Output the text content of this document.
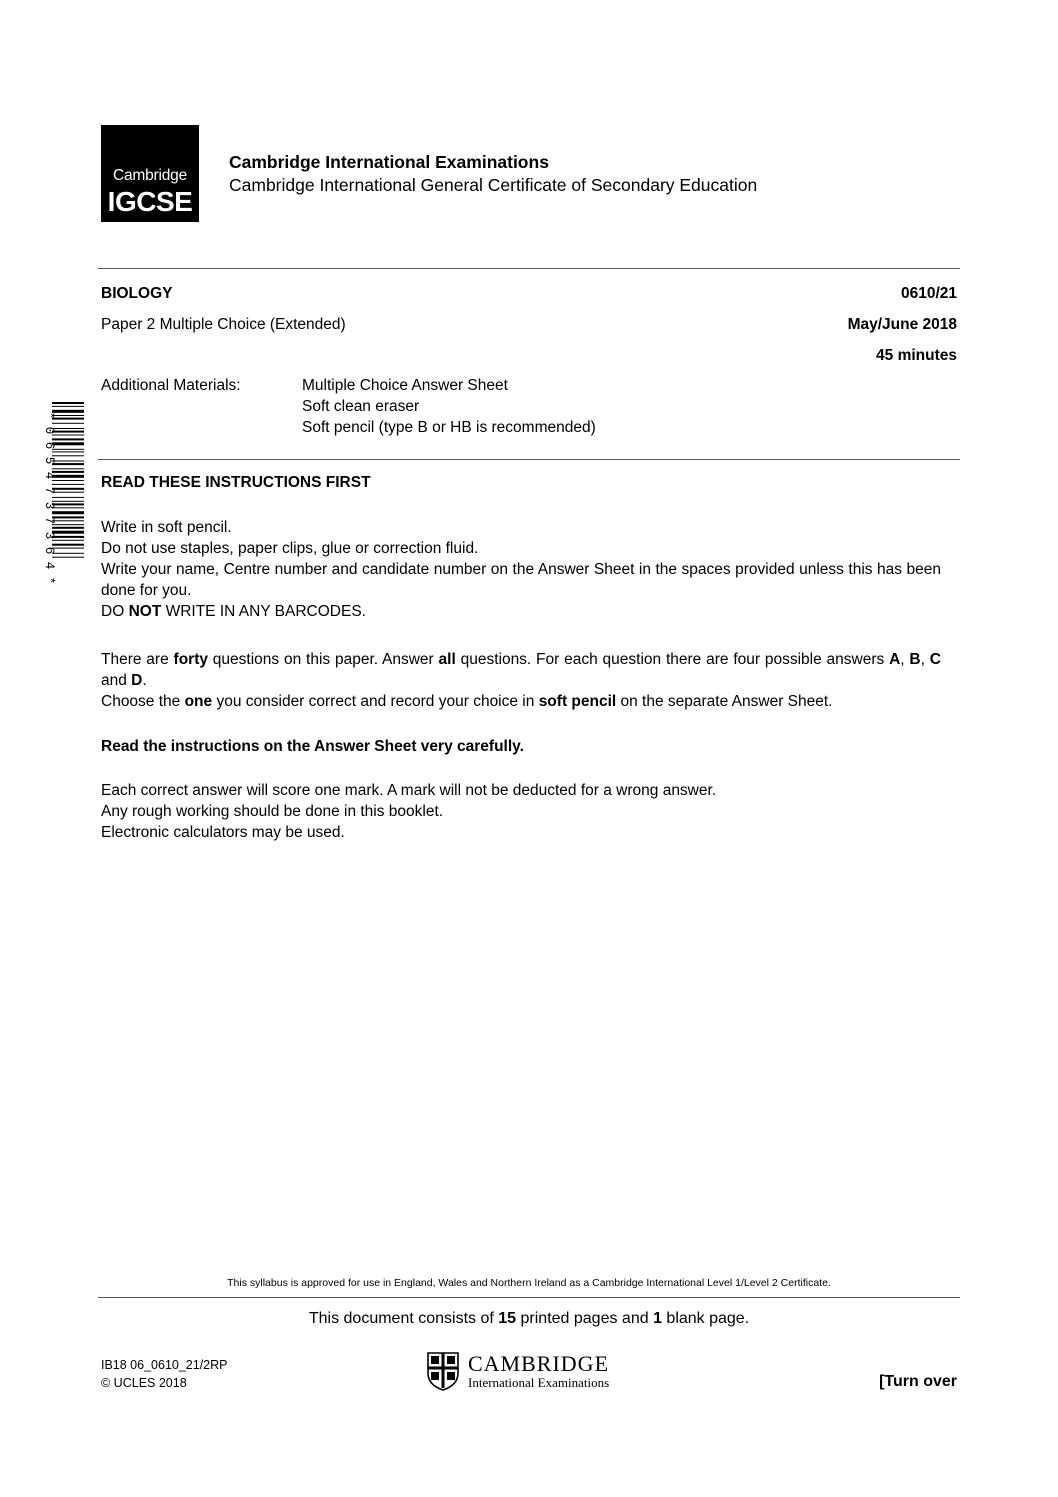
Cambridge
IGCSE
Cambridge International Examinations
Cambridge International General Certificate of Secondary Education
BIOLOGY	0610/21
Paper 2 Multiple Choice (Extended)	May/June 2018
45 minutes
Additional Materials:	Multiple Choice Answer Sheet
Soft clean eraser
Soft pencil (type B or HB is recommended)
* 0 6 5 4 7 3 7 3 6 4 *	READ THESE INSTRUCTIONS FIRST

Write in soft pencil.

Do not use staples, paper clips, glue or correction fluid.

Write your name, Centre number and candidate number on the Answer Sheet in the spaces provided unless this has been done for you.

DO NOT WRITE IN ANY BARCODES.

There are forty questions on this paper. Answer all questions. For each question there are four possible answers A, B, C and D.
Choose the one you consider correct and record your choice in soft pencil on the separate Answer Sheet.
Read the instructions on the Answer Sheet very carefully.

Each correct answer will score one mark. A mark will not be deducted for a wrong answer.

Any rough working should be done in this booklet.

Electronic calculators may be used.

This syllabus is approved for use in England, Wales and Northern Ireland as a Cambridge International Level 1/Level 2 Certificate.
This document consists of 15 printed pages and 1 blank page.
IB18 06_0610_21/2RP
© UCLES 2018
CAMBRIDGE
International Examinations	[Turn over
